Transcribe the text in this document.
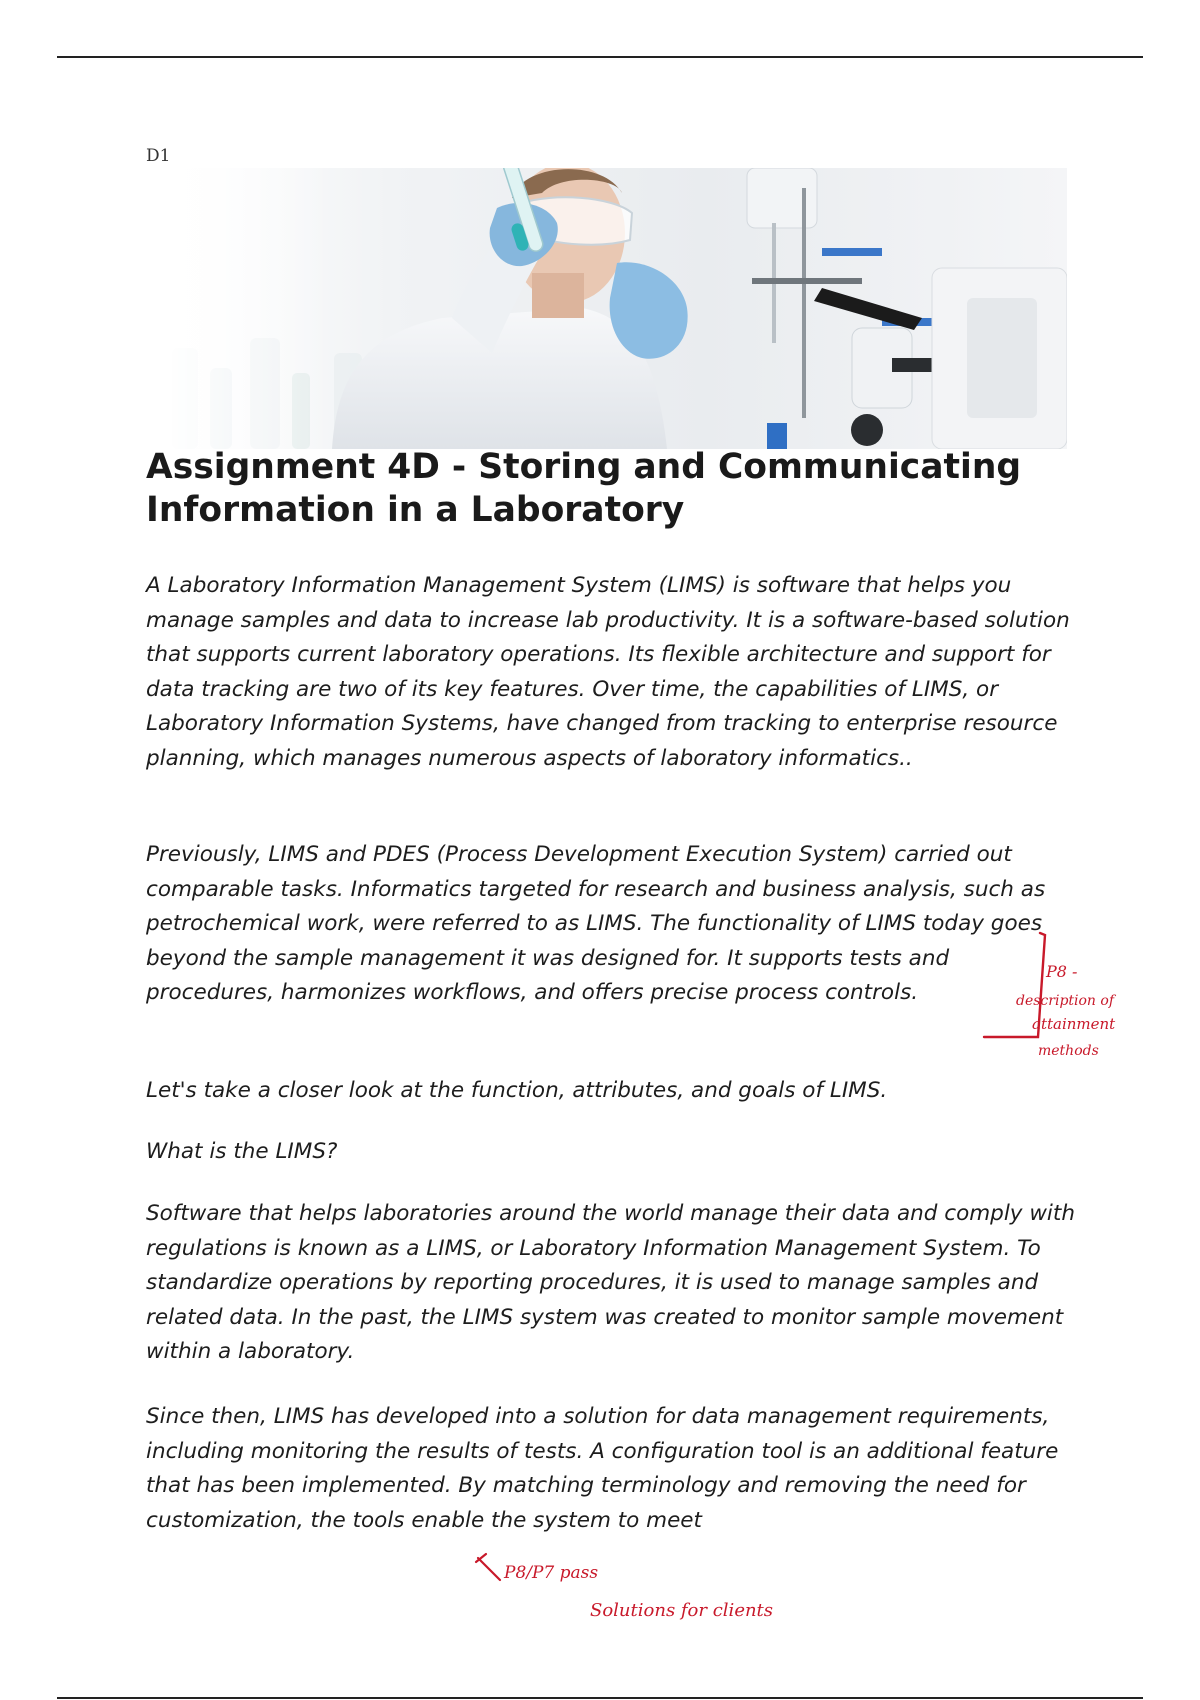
D1
Assignment 4D - Storing and Communicating Information in a Laboratory

A Laboratory Information Management System (LIMS) is software that helps you manage samples and data to increase lab productivity. It is a software-based solution that supports current laboratory operations. Its flexible architecture and support for data tracking are two of its key features. Over time, the capabilities of LIMS, or Laboratory Information Systems, have changed from tracking to enterprise resource planning, which manages numerous aspects of laboratory informatics..

Previously, LIMS and PDES (Process Development Execution System) carried out comparable tasks. Informatics targeted for research and business analysis, such as petrochemical work, were referred to as LIMS. The functionality of LIMS today goes beyond the sample management it was designed for. It supports tests and procedures, harmonizes workflows, and offers precise process controls.

Let's take a closer look at the function, attributes, and goals of LIMS.

What is the LIMS?

Software that helps laboratories around the world manage their data and comply with regulations is known as a LIMS, or Laboratory Information Management System. To standardize operations by reporting procedures, it is used to manage samples and related data. In the past, the LIMS system was created to monitor sample movement within a laboratory.

Since then, LIMS has developed into a solution for data management requirements, including monitoring the results of tests. A configuration tool is an additional feature that has been implemented. By matching terminology and removing the need for customization, the tools enable the system to meet

P8 -
description of
attainment
methods
P8/P7 pass
Solutions for clients
